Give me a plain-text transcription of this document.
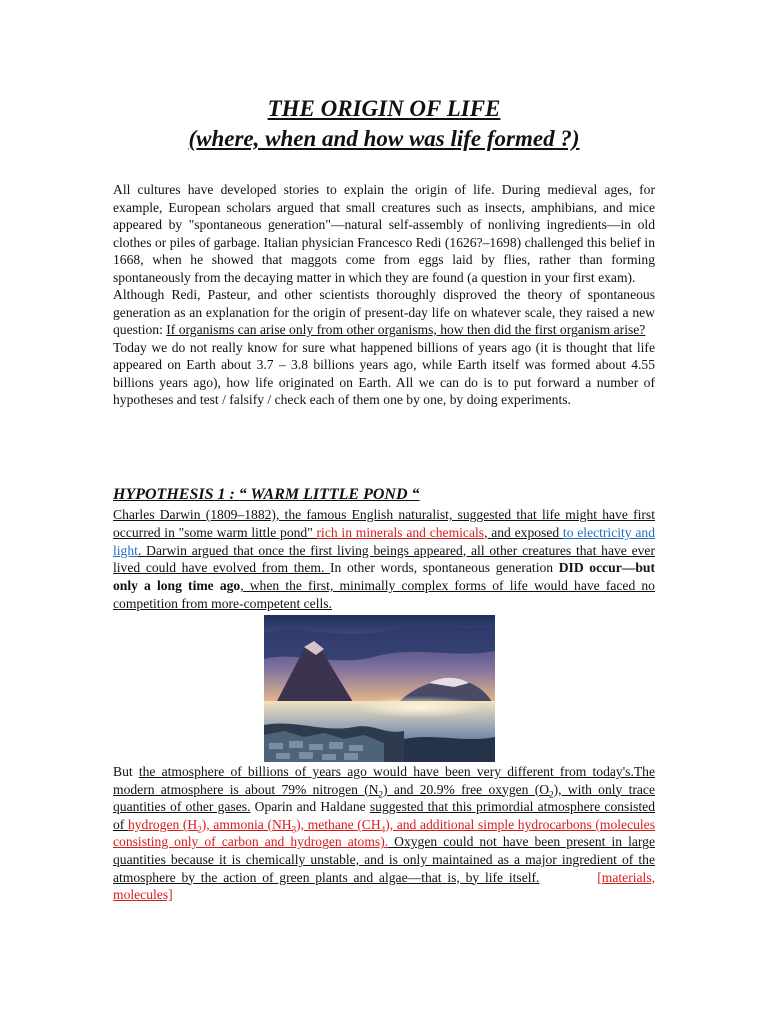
THE ORIGIN OF LIFE
(where, when and how was life formed ?)

All cultures have developed stories to explain the origin of life. During medieval ages, for example, European scholars argued that small creatures such as insects, amphibians, and mice appeared by "spontaneous generation"—natural self-assembly of nonliving ingredients—in old clothes or piles of garbage. Italian physician Francesco Redi (1626?–1698) challenged this belief in 1668, when he showed that maggots come from eggs laid by flies, rather than forming spontaneously from the decaying matter in which they are found (a question in your first exam).

Although Redi, Pasteur, and other scientists thoroughly disproved the theory of spontaneous generation as an explanation for the origin of present-day life on whatever scale, they raised a new question: If organisms can arise only from other organisms, how then did the first organism arise?

Today we do not really know for sure what happened billions of years ago (it is thought that life appeared on Earth about 3.7 – 3.8 billions years ago, while Earth itself was formed about 4.55 billions years ago), how life originated on Earth. All we can do is to put forward a number of hypotheses and test / falsify / check each of them one by one, by doing experiments.

HYPOTHESIS 1 : “ WARM LITTLE POND “

Charles Darwin (1809–1882), the famous English naturalist, suggested that life might have first occurred in "some warm little pond" rich in minerals and chemicals, and exposed to electricity and light. Darwin argued that once the first living beings appeared, all other creatures that have ever lived could have evolved from them. In other words, spontaneous generation DID occur—but only a long time ago, when the first, minimally complex forms of life would have faced no competition from more-competent cells.

But the atmosphere of billions of years ago would have been very different from today's.The modern atmosphere is about 79% nitrogen $(N_2)$ and 20.9% free oxygen $(O_2)$, with only trace quantities of other gases. Oparin and Haldane suggested that this primordial atmosphere consisted of hydrogen $(H_2)$, ammonia $(NH_3)$, methane $(CH_4)$, and additional simple hydrocarbons (molecules consisting only of carbon and hydrogen atoms). Oxygen could not have been present in large quantities because it is chemically unstable, and is only maintained as a major ingredient of the atmosphere by the action of green plants and algae—that is, by life itself.	[materials, molecules]
